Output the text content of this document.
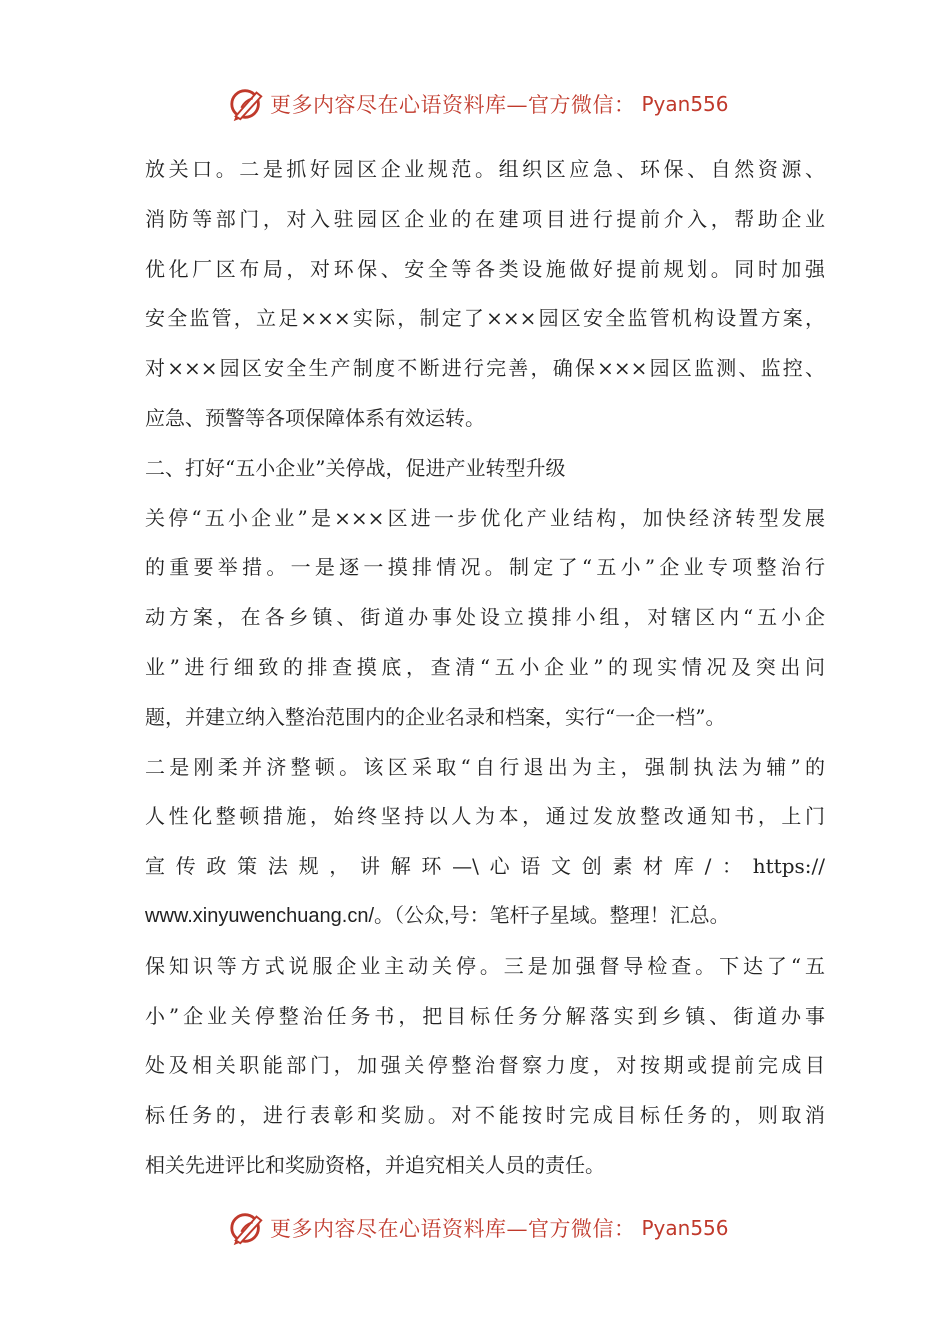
更多内容尽在心语资料库—官方微信： Pyan556
放关口。二是抓好园区企业规范。组织区应急、环保、自然资源、
消防等部门，对入驻园区企业的在建项目进行提前介入，帮助企业
优化厂区布局，对环保、安全等各类设施做好提前规划。同时加强
安全监管，立足×××实际，制定了×××园区安全监管机构设置方案，
对×××园区安全生产制度不断进行完善，确保×××园区监测、监控、
应急、预警等各项保障体系有效运转。
二、打好“五小企业”关停战，促进产业转型升级
关停“五小企业”是×××区进一步优化产业结构，加快经济转型发展
的重要举措。一是逐一摸排情况。制定了“五小”企业专项整治行
动方案，在各乡镇、街道办事处设立摸排小组，对辖区内“五小企
业”进行细致的排查摸底，查清“五小企业”的现实情况及突出问
题，并建立纳入整治范围内的企业名录和档案，实行“一企一档”。
二是刚柔并济整顿。该区采取“自行退出为主，强制执法为辅”的
人性化整顿措施，始终坚持以人为本，通过发放整改通知书，上门
宣传政策法规，讲解环—\心语文创素材库/：https://
www.xinyuwenchuang.cn/。（公众,号：笔杆子星域。整理！汇总。
保知识等方式说服企业主动关停。三是加强督导检查。下达了“五
小”企业关停整治任务书，把目标任务分解落实到乡镇、街道办事
处及相关职能部门，加强关停整治督察力度，对按期或提前完成目
标任务的，进行表彰和奖励。对不能按时完成目标任务的，则取消
相关先进评比和奖励资格，并追究相关人员的责任。
更多内容尽在心语资料库—官方微信： Pyan556
